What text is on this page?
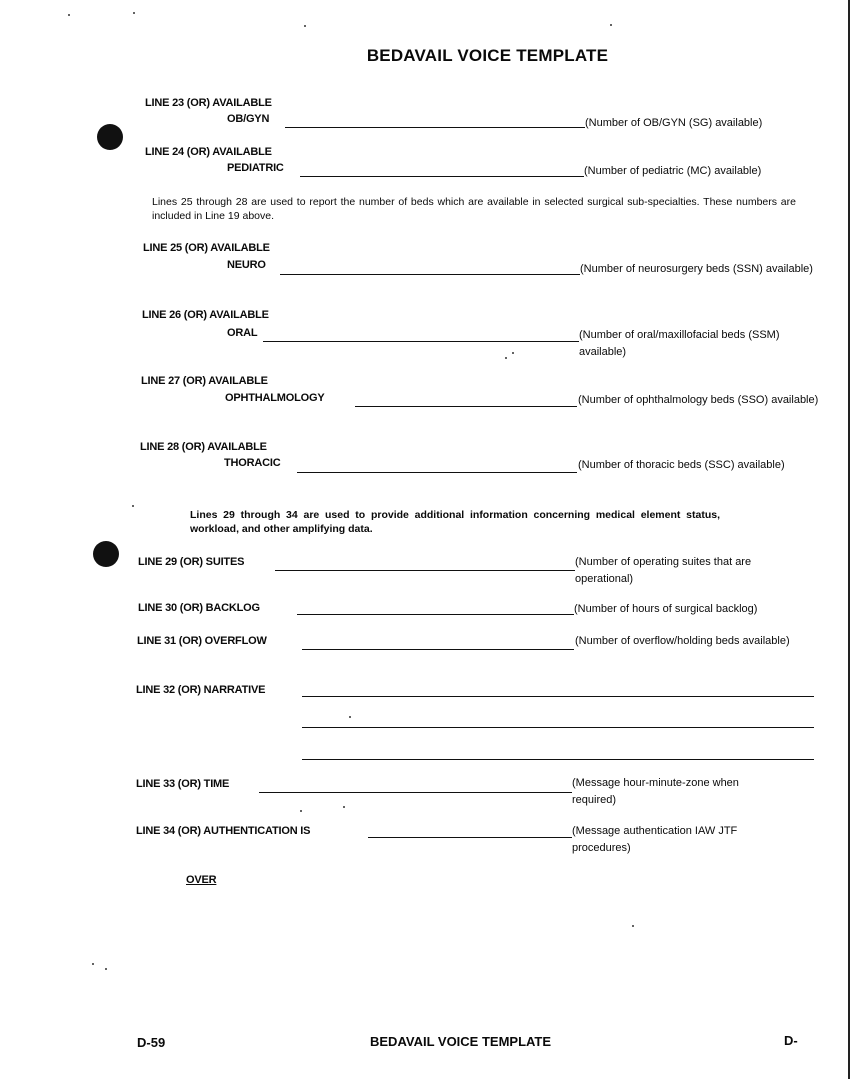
BEDAVAIL VOICE TEMPLATE
LINE 23 (OR) AVAILABLE
OB/GYN	(Number of OB/GYN (SG) available)
LINE 24 (OR) AVAILABLE
PEDIATRIC	(Number of pediatric (MC) available)
Lines 25 through 28 are used to report the number of beds which are available in selected surgical sub-specialties. These numbers are included in Line 19 above.
LINE 25 (OR) AVAILABLE
NEURO	(Number of neurosurgery beds (SSN) available)
LINE 26 (OR) AVAILABLE
ORAL	(Number of oral/maxillofacial beds (SSM) available)
LINE 27 (OR) AVAILABLE
OPHTHALMOLOGY	(Number of ophthalmology beds (SSO) available)
LINE 28 (OR) AVAILABLE
THORACIC	(Number of thoracic beds (SSC) available)
Lines 29 through 34 are used to provide additional information concerning medical element status, workload, and other amplifying data.
LINE 29 (OR) SUITES	(Number of operating suites that are operational)
LINE 30 (OR) BACKLOG	(Number of hours of surgical backlog)
LINE 31 (OR) OVERFLOW	(Number of overflow/holding beds available)
LINE 32 (OR) NARRATIVE
LINE 33 (OR) TIME	(Message hour-minute-zone when required)
LINE 34 (OR) AUTHENTICATION IS	(Message authentication IAW JTF procedures)
OVER
D-59	BEDAVAIL VOICE TEMPLATE	D-
